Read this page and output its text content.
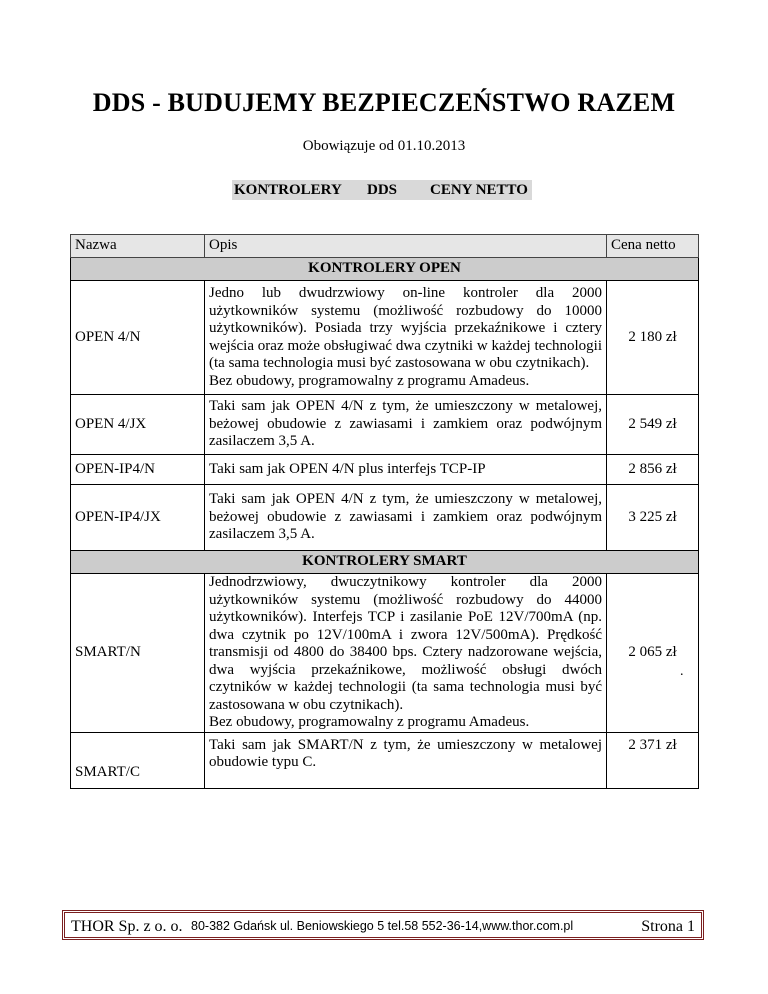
DDS - BUDUJEMY BEZPIECZEŃSTWO RAZEM
Obowiązuje od 01.10.2013
KONTROLERY DDS CENY NETTO
Nazwa	Opis	Cena netto
KONTROLERY OPEN		
OPEN 4/N	Jedno lub dwudrzwiowy on-line kontroler dla 2000 użytkowników systemu (możliwość rozbudowy do 10000 użytkowników). Posiada trzy wyjścia przekaźnikowe i cztery wejścia oraz może obsługiwać dwa czytniki w każdej technologii (ta sama technologia musi być zastosowana w obu czytnikach).
Bez obudowy, programowalny z programu Amadeus.	2 180 zł
OPEN 4/JX	Taki sam jak OPEN 4/N z tym, że umieszczony w metalowej, beżowej obudowie z zawiasami i zamkiem oraz podwójnym zasilaczem 3,5 A.	2 549 zł
OPEN-IP4/N	Taki sam jak OPEN 4/N plus interfejs TCP-IP	2 856 zł
OPEN-IP4/JX	Taki sam jak OPEN 4/N z tym, że umieszczony w metalowej, beżowej obudowie z zawiasami i zamkiem oraz podwójnym zasilaczem 3,5 A.	3 225 zł
KONTROLERY SMART		
SMART/N	Jednodrzwiowy, dwuczytnikowy kontroler dla 2000 użytkowników systemu (możliwość rozbudowy do 44000 użytkowników). Interfejs TCP i zasilanie PoE 12V/700mA (np. dwa czytnik po 12V/100mA i zwora 12V/500mA). Prędkość transmisji od 4800 do 38400 bps. Cztery nadzorowane wejścia, dwa wyjścia przekaźnikowe, możliwość obsługi dwóch czytników w każdej technologii (ta sama technologia musi być zastosowana w obu czytnikach).
Bez obudowy, programowalny z programu Amadeus.	2 065 zł
SMART/C	Taki sam jak SMART/N z tym, że umieszczony w metalowej obudowie typu C.	2 371 zł
.
THOR Sp. z o. o. 80-382 Gdańsk ul. Beniowskiego 5 tel.58 552-36-14,www.thor.com.pl	Strona 1
